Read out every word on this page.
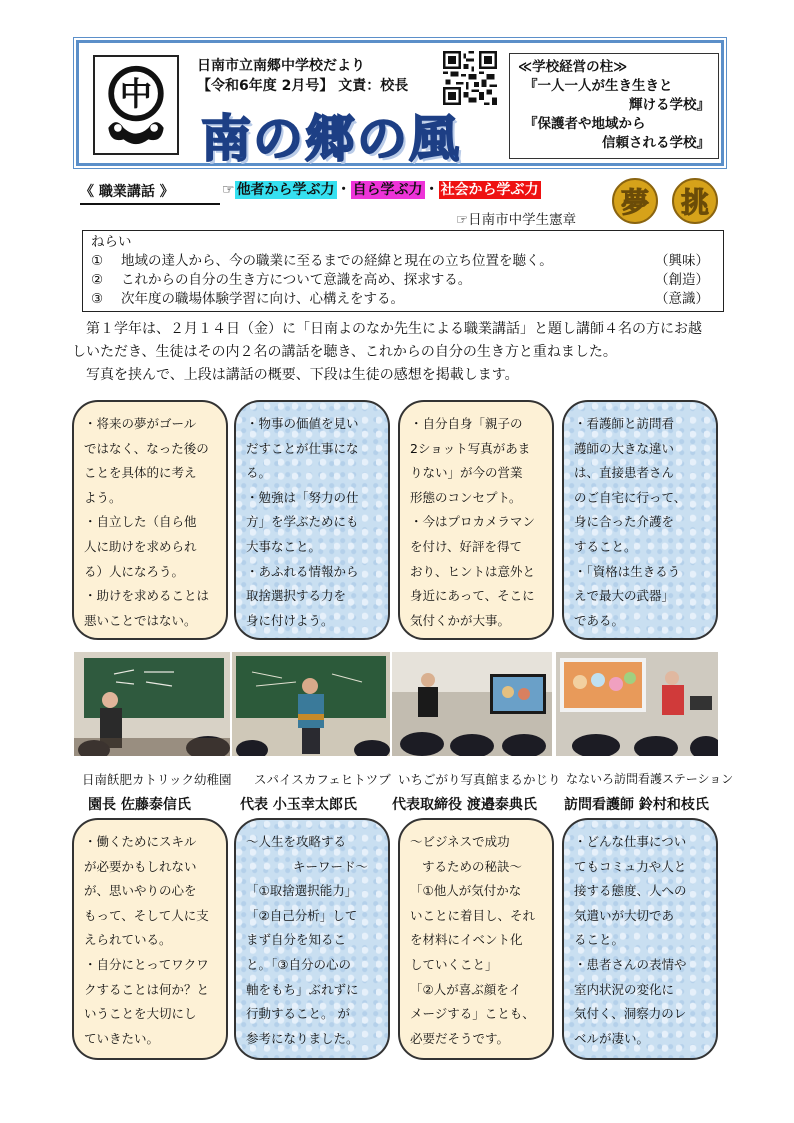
中
日南市立南郷中学校だより
【令和6年度 2月号】 文責：校長
南の郷の風
≪学校経営の柱≫
『一人一人が生き生きと

輝ける学校』
『保護者や地域から

信頼される学校』
《 職業講話 》	☞ 他者から学ぶ力 ・ 自ら学ぶ力 ・ 社会から学ぶ力
☞日南市中学生憲章
夢	挑
ねらい
①	地域の達人から、今の職業に至るまでの経緯と現在の立ち位置を聴く。	（興味）
②	これからの自分の生き方について意識を高め、探求する。	（創造）
③	次年度の職場体験学習に向け、心構えをする。	（意識）

第１学年は、２月１４日（金）に「日南よのなか先生による職業講話」と題し講師４名の方にお越

しいただき、生徒はその内２名の講話を聴き、これからの自分の生き方と重ねました。

写真を挟んで、上段は講話の概要、下段は生徒の感想を掲載します。

・将来の夢がゴール
ではなく、なった後の
ことを具体的に考え
よう。
・自立した（自ら他
人に助けを求められ
る）人になろう。
・助けを求めることは
悪いことではない。
・物事の価値を見い
だすことが仕事にな
る。
・勉強は「努力の仕
方」を学ぶためにも
大事なこと。
・あふれる情報から
取捨選択する力を
身に付けよう。
・自分自身「親子の
2ショット写真があま
りない」が今の営業
形態のコンセプト。
・今はプロカメラマン
を付け、好評を得て
おり、ヒントは意外と
身近にあって、そこに
気付くかが大事。
・看護師と訪問看
護師の大きな違い
は、直接患者さん
のご自宅に行って、
身に合った介護を
すること。
・「資格は生きるう
えで最大の武器」
である。
日南飫肥カトリック幼稚園
園長 佐藤泰信氏
スパイスカフェヒトツブ
代表 小玉幸太郎氏
いちごがり写真館まるかじり
代表取締役 渡邉泰典氏
なないろ訪問看護ステーション
訪問看護師 鈴村和枝氏
・働くためにスキル
が必要かもしれない
が、思いやりの心を
もって、そして人に支
えられている。
・自分にとってワクワ
クすることは何か？と
いうことを大切にし
ていきたい。
～人生を攻略する
キーワード～
「①取捨選択能力」
「②自己分析」して
まず自分を知るこ
と。「③自分の心の
軸をもち」ぶれずに
行動すること。 が
参考になりました。
～ビジネスで成功
するための秘訣～
「①他人が気付かな
いことに着目し、それ
を材料にイベント化
していくこと」
「②人が喜ぶ顔をイ
メージする」ことも、
必要だそうです。
・どんな仕事につい
てもコミュ力や人と
接する態度、人への
気遣いが大切であ
ること。
・患者さんの表情や
室内状況の変化に
気付く、洞察力のレ
ベルが凄い。
